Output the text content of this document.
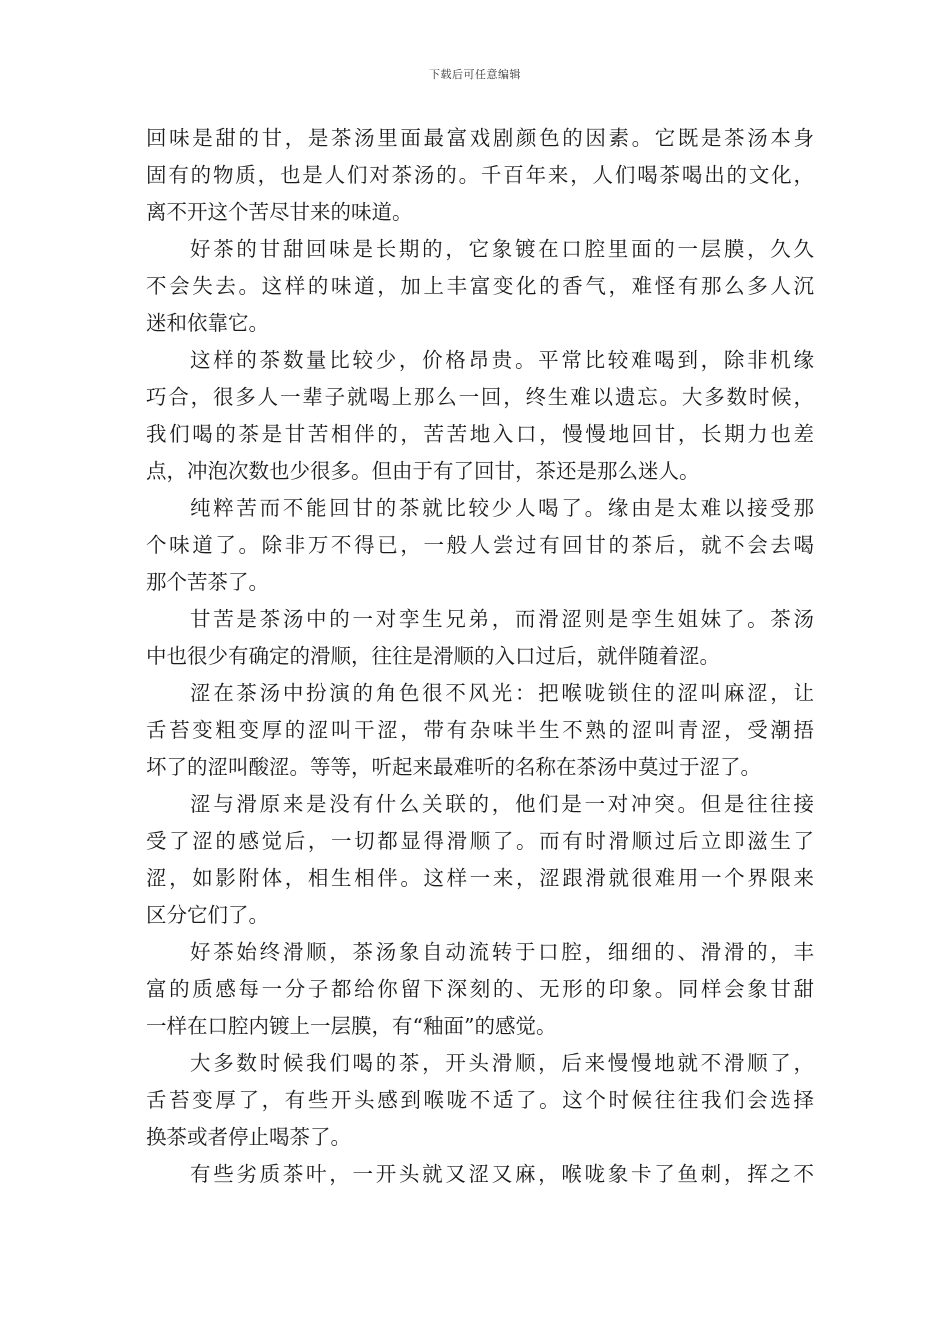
下载后可任意编辑
回味是甜的甘，是茶汤里面最富戏剧颜色的因素。它既是茶汤本身
固有的物质，也是人们对茶汤的。千百年来，人们喝茶喝出的文化，
离不开这个苦尽甘来的味道。
好茶的甘甜回味是长期的，它象镀在口腔里面的一层膜，久久
不会失去。这样的味道，加上丰富变化的香气，难怪有那么多人沉
迷和依靠它。
这样的茶数量比较少，价格昂贵。平常比较难喝到，除非机缘
巧合，很多人一辈子就喝上那么一回，终生难以遗忘。大多数时候，
我们喝的茶是甘苦相伴的，苦苦地入口，慢慢地回甘，长期力也差
点，冲泡次数也少很多。但由于有了回甘，茶还是那么迷人。
纯粹苦而不能回甘的茶就比较少人喝了。缘由是太难以接受那
个味道了。除非万不得已，一般人尝过有回甘的茶后，就不会去喝
那个苦茶了。
甘苦是茶汤中的一对孪生兄弟，而滑涩则是孪生姐妹了。茶汤
中也很少有确定的滑顺，往往是滑顺的入口过后，就伴随着涩。
涩在茶汤中扮演的角色很不风光：把喉咙锁住的涩叫麻涩，让
舌苔变粗变厚的涩叫干涩，带有杂味半生不熟的涩叫青涩，受潮捂
坏了的涩叫酸涩。等等，听起来最难听的名称在茶汤中莫过于涩了。
涩与滑原来是没有什么关联的，他们是一对冲突。但是往往接
受了涩的感觉后，一切都显得滑顺了。而有时滑顺过后立即滋生了
涩，如影附体，相生相伴。这样一来，涩跟滑就很难用一个界限来
区分它们了。
好茶始终滑顺，茶汤象自动流转于口腔，细细的、滑滑的，丰
富的质感每一分子都给你留下深刻的、无形的印象。同样会象甘甜
一样在口腔内镀上一层膜，有“釉面”的感觉。
大多数时候我们喝的茶，开头滑顺，后来慢慢地就不滑顺了，
舌苔变厚了，有些开头感到喉咙不适了。这个时候往往我们会选择
换茶或者停止喝茶了。
有些劣质茶叶，一开头就又涩又麻，喉咙象卡了鱼刺，挥之不
